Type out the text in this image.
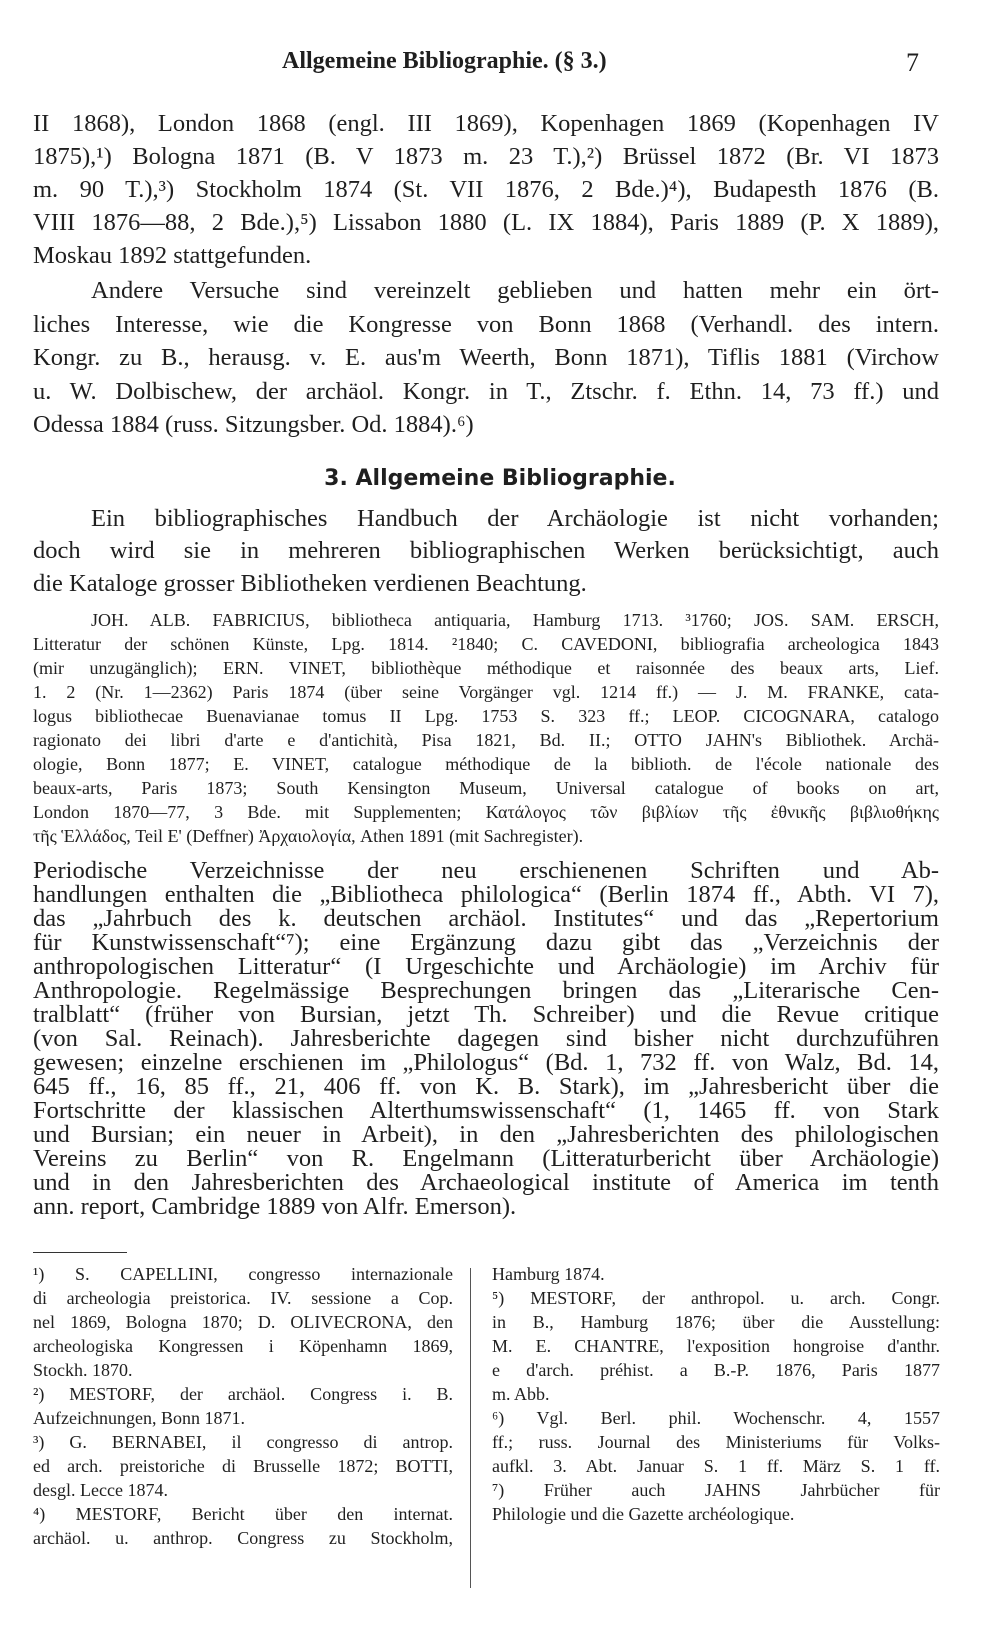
Allgemeine Bibliographie. (§ 3.)	7

II 1868), London 1868 (engl. III 1869), Kopenhagen 1869 (Kopenhagen IV

1875),¹) Bologna 1871 (B. V 1873 m. 23 T.),²) Brüssel 1872 (Br. VI 1873

m. 90 T.),³) Stockholm 1874 (St. VII 1876, 2 Bde.)⁴), Budapesth 1876 (B.

VIII 1876—88, 2 Bde.),⁵) Lissabon 1880 (L. IX 1884), Paris 1889 (P. X 1889),

Moskau 1892 stattgefunden.

Andere Versuche sind vereinzelt geblieben und hatten mehr ein ört-

liches Interesse, wie die Kongresse von Bonn 1868 (Verhandl. des intern.

Kongr. zu B., herausg. v. E. aus'm Weerth, Bonn 1871), Tiflis 1881 (Virchow

u. W. Dolbischew, der archäol. Kongr. in T., Ztschr. f. Ethn. 14, 73 ff.) und

Odessa 1884 (russ. Sitzungsber. Od. 1884).⁶)

3. Allgemeine Bibliographie.

Ein bibliographisches Handbuch der Archäologie ist nicht vorhanden;

doch wird sie in mehreren bibliographischen Werken berücksichtigt, auch

die Kataloge grosser Bibliotheken verdienen Beachtung.

JOH. ALB. FABRICIUS, bibliotheca antiquaria, Hamburg 1713. ³1760; JOS. SAM. ERSCH,

Litteratur der schönen Künste, Lpg. 1814. ²1840; C. CAVEDONI, bibliografia archeologica 1843

(mir unzugänglich); ERN. VINET, bibliothèque méthodique et raisonnée des beaux arts, Lief.

1. 2 (Nr. 1—2362) Paris 1874 (über seine Vorgänger vgl. 1214 ff.) — J. M. FRANKE, cata-

logus bibliothecae Buenavianae tomus II Lpg. 1753 S. 323 ff.; LEOP. CICOGNARA, catalogo

ragionato dei libri d'arte e d'antichità, Pisa 1821, Bd. II.; OTTO JAHN's Bibliothek. Archä-

ologie, Bonn 1877; E. VINET, catalogue méthodique de la biblioth. de l'école nationale des

beaux-arts, Paris 1873; South Kensington Museum, Universal catalogue of books on art,

London 1870—77, 3 Bde. mit Supplementen; Κατάλογος τῶν βιβλίων τῆς ἐθνικῆς βιβλιοθήκης

τῆς Ἑλλάδος, Teil Ε' (Deffner) Ἀρχαιολογία, Athen 1891 (mit Sachregister).

Periodische Verzeichnisse der neu erschienenen Schriften und Ab-

handlungen enthalten die „Bibliotheca philologica“ (Berlin 1874 ff., Abth. VI 7),

das „Jahrbuch des k. deutschen archäol. Institutes“ und das „Repertorium

für Kunstwissenschaft“⁷); eine Ergänzung dazu gibt das „Verzeichnis der

anthropologischen Litteratur“ (I Urgeschichte und Archäologie) im Archiv für

Anthropologie. Regelmässige Besprechungen bringen das „Literarische Cen-

tralblatt“ (früher von Bursian, jetzt Th. Schreiber) und die Revue critique

(von Sal. Reinach). Jahresberichte dagegen sind bisher nicht durchzuführen

gewesen; einzelne erschienen im „Philologus“ (Bd. 1, 732 ff. von Walz, Bd. 14,

645 ff., 16, 85 ff., 21, 406 ff. von K. B. Stark), im „Jahresbericht über die

Fortschritte der klassischen Alterthumswissenschaft“ (1, 1465 ff. von Stark

und Bursian; ein neuer in Arbeit), in den „Jahresberichten des philologischen

Vereins zu Berlin“ von R. Engelmann (Litteraturbericht über Archäologie)

und in den Jahresberichten des Archaeological institute of America im tenth

ann. report, Cambridge 1889 von Alfr. Emerson).

¹) S. CAPELLINI, congresso internazionale

di archeologia preistorica. IV. sessione a Cop.

nel 1869, Bologna 1870; D. OLIVECRONA, den

archeologiska Kongressen i Köpenhamn 1869,

Stockh. 1870.

²) MESTORF, der archäol. Congress i. B.

Aufzeichnungen, Bonn 1871.

³) G. BERNABEI, il congresso di antrop.

ed arch. preistoriche di Brusselle 1872; BOTTI,

desgl. Lecce 1874.

⁴) MESTORF, Bericht über den internat.

archäol. u. anthrop. Congress zu Stockholm,

Hamburg 1874.

⁵) MESTORF, der anthropol. u. arch. Congr.

in B., Hamburg 1876; über die Ausstellung:

M. E. CHANTRE, l'exposition hongroise d'anthr.

e d'arch. préhist. a B.-P. 1876, Paris 1877

m. Abb.

⁶) Vgl. Berl. phil. Wochenschr. 4, 1557

ff.; russ. Journal des Ministeriums für Volks-

aufkl. 3. Abt. Januar S. 1 ff. März S. 1 ff.

⁷) Früher auch JAHNS Jahrbücher für

Philologie und die Gazette archéologique.
